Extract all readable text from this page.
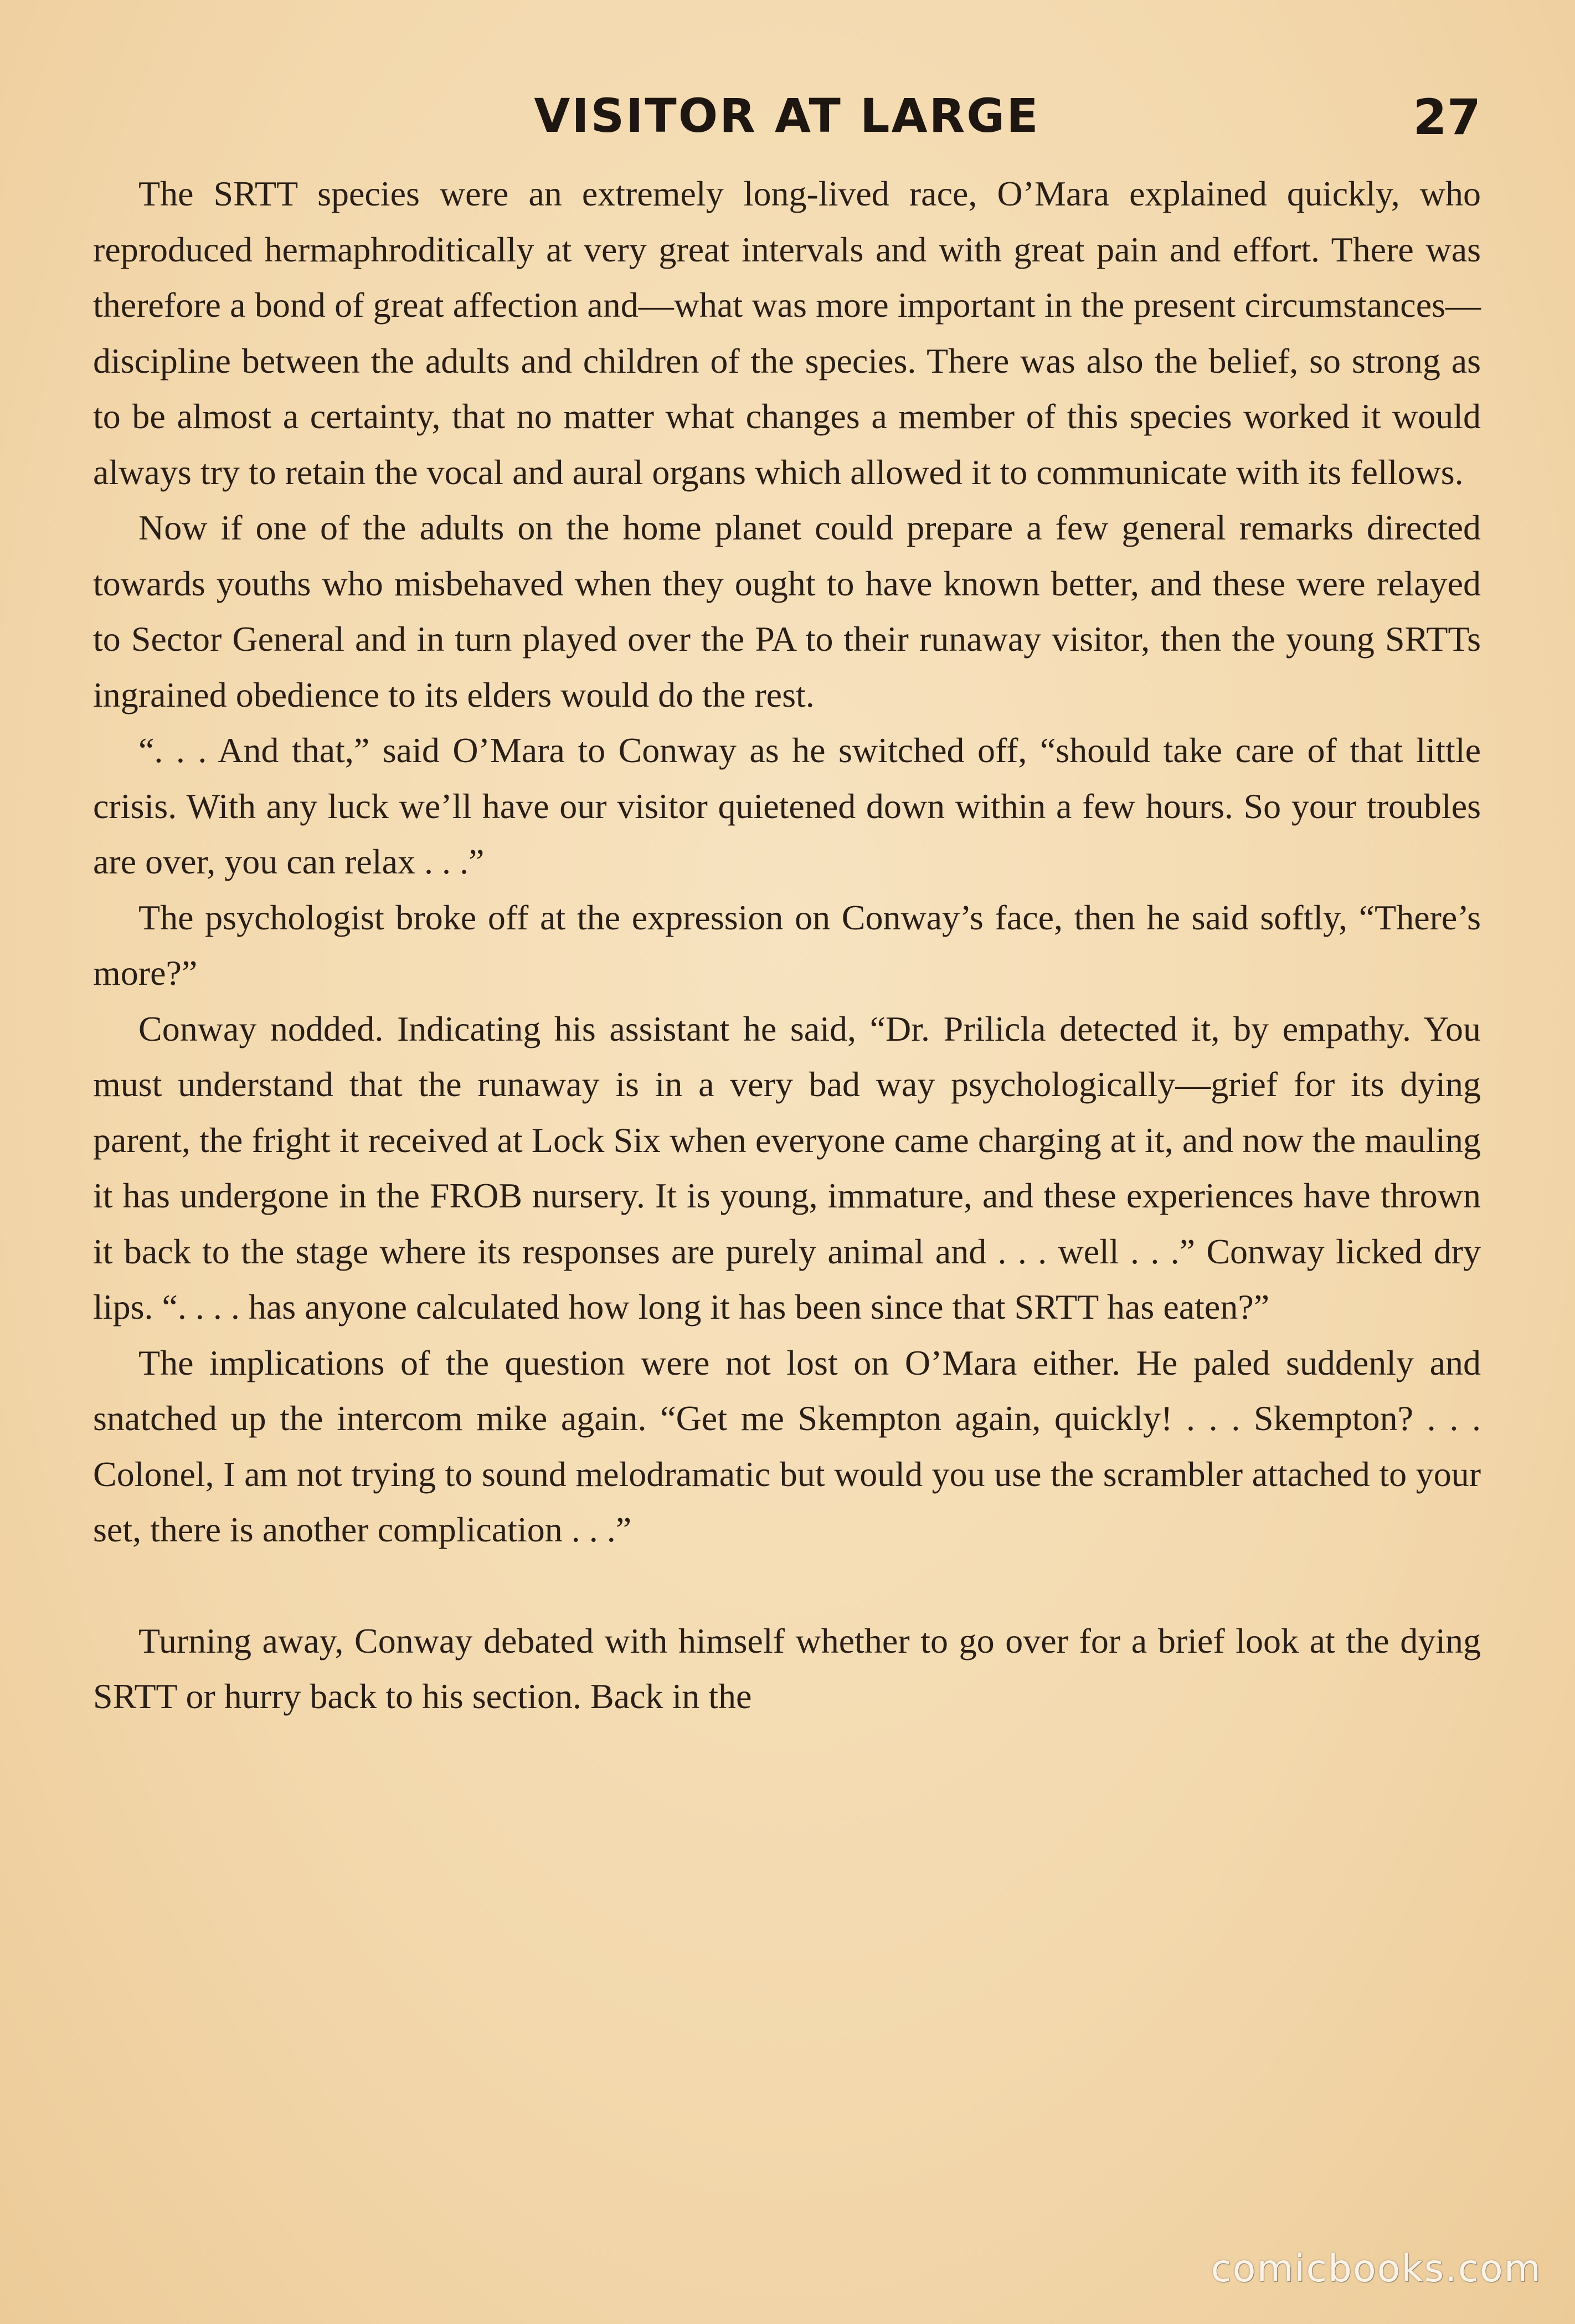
VISITOR AT LARGE	27

The SRTT species were an extremely long-lived race, O’Mara explained quickly, who reproduced hermaphroditically at very great intervals and with great pain and effort. There was therefore a bond of great affection and—what was more important in the present circumstances—discipline between the adults and children of the species. There was also the belief, so strong as to be almost a certainty, that no matter what changes a member of this species worked it would always try to retain the vocal and aural organs which allowed it to communicate with its fellows.

Now if one of the adults on the home planet could prepare a few general remarks directed towards youths who misbehaved when they ought to have known better, and these were relayed to Sector General and in turn played over the PA to their runaway visitor, then the young SRTTs ingrained obedience to its elders would do the rest.

“. . . And that,” said O’Mara to Conway as he switched off, “should take care of that little crisis. With any luck we’ll have our visitor quietened down within a few hours. So your troubles are over, you can relax . . .”

The psychologist broke off at the expression on Conway’s face, then he said softly, “There’s more?”

Conway nodded. Indicating his assistant he said, “Dr. Prilicla detected it, by empathy. You must understand that the runaway is in a very bad way psychologically—grief for its dying parent, the fright it received at Lock Six when everyone came charging at it, and now the mauling it has undergone in the FROB nursery. It is young, immature, and these experiences have thrown it back to the stage where its responses are purely animal and . . . well . . .” Conway licked dry lips. “. . . . has anyone calculated how long it has been since that SRTT has eaten?”

The implications of the question were not lost on O’Mara either. He paled suddenly and snatched up the intercom mike again. “Get me Skempton again, quickly! . . . Skempton? . . . Colonel, I am not trying to sound melodramatic but would you use the scrambler attached to your set, there is another complication . . .”

Turning away, Conway debated with himself whether to go over for a brief look at the dying SRTT or hurry back to his section. Back in the

comicbooks.com
